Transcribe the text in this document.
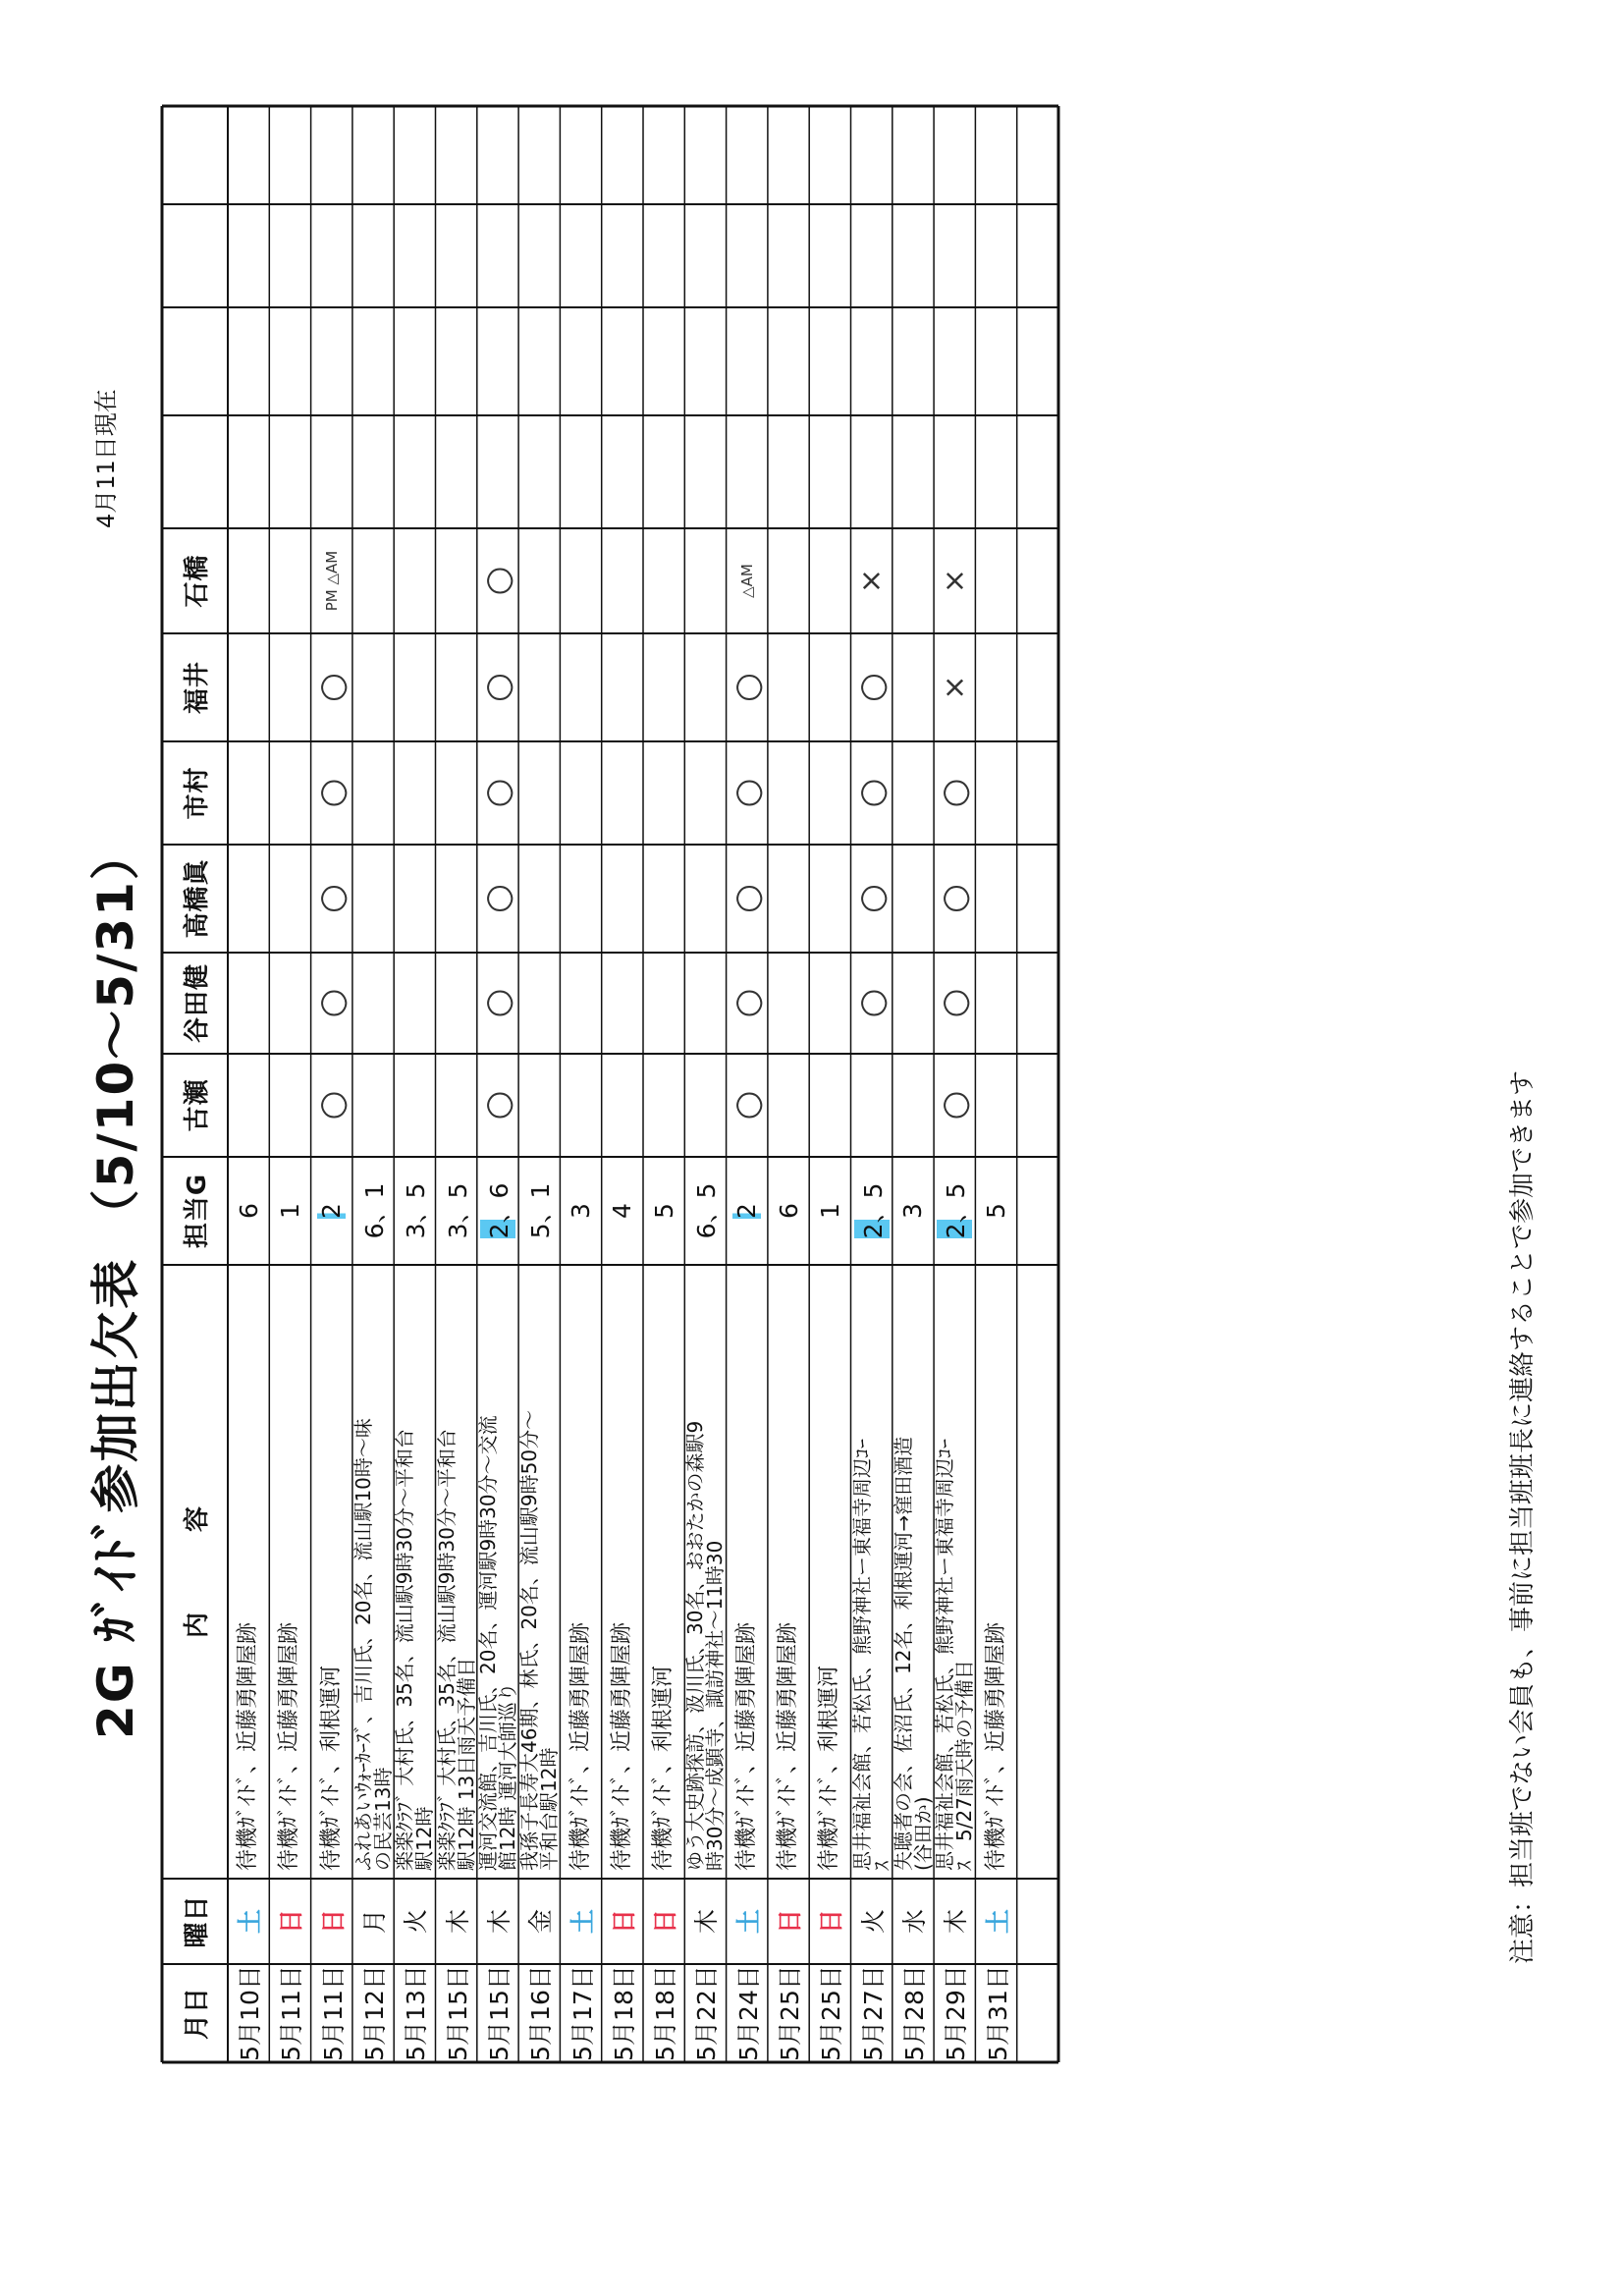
2G ｶﾞｲﾄﾞ参加出欠表 （5/10〜5/31）
4月11日現在
月日
曜日
内　　　容
担当G
古瀬
谷田健
高橋眞
市村
福井
石橋
5月10日
土
待機ｶﾞｲﾄﾞ、近藤勇陣屋跡
6
5月11日
日
待機ｶﾞｲﾄﾞ、近藤勇陣屋跡
1
5月11日
日
待機ｶﾞｲﾄﾞ、利根運河
2
○
○
○
○
○
PM △AM
5月12日
月
ふれあいｳｫｰｶｰｽﾞ、吉川氏、20名、流山駅10時〜味
の民芸13時
6、1
5月13日
火
楽楽ｸﾗﾌﾞ 大村氏、35名、流山駅9時30分〜平和台
駅12時
3、5
5月15日
木
楽楽ｸﾗﾌﾞ 大村氏、35名、流山駅9時30分〜平和台
駅12時 13日雨天予備日
3、5
5月15日
木
運河交流館、吉川氏、20名、運河駅9時30分〜交流
館12時 運河大師巡り
2、6
○
○
○
○
○
○
5月16日
金
我孫子長寿大46期、林氏、20名、流山駅9時50分〜
平和台駅12時
5、1
5月17日
土
待機ｶﾞｲﾄﾞ、近藤勇陣屋跡
3
5月18日
日
待機ｶﾞｲﾄﾞ、近藤勇陣屋跡
4
5月18日
日
待機ｶﾞｲﾄﾞ、利根運河
5
5月22日
木
ゆう大史跡探訪、汲川氏、30名、おおたかの森駅9
時30分〜成顕寺、諏訪神社〜11時30
6、5
5月24日
土
待機ｶﾞｲﾄﾞ、近藤勇陣屋跡
2
○
○
○
○
○
△AM
5月25日
日
待機ｶﾞｲﾄﾞ、近藤勇陣屋跡
6
5月25日
日
待機ｶﾞｲﾄﾞ、利根運河
1
5月27日
火
思井福祉会館、若松氏、熊野神社ー東福寺周辺ｺｰ
ｽ
2、5
○
○
○
○
×
5月28日
水
失聴者の会、佐沼氏、12名、利根運河→窪田酒造
(谷田か)
3
5月29日
木
思井福祉会館、若松氏、熊野神社ー東福寺周辺ｺｰ
ｽ　5/27雨天時の予備日
2、5
○
○
○
○
×
×
5月31日
土
待機ｶﾞｲﾄﾞ、近藤勇陣屋跡
5	注意：担当班でない会員も、事前に担当班班長に連絡することで参加できます
